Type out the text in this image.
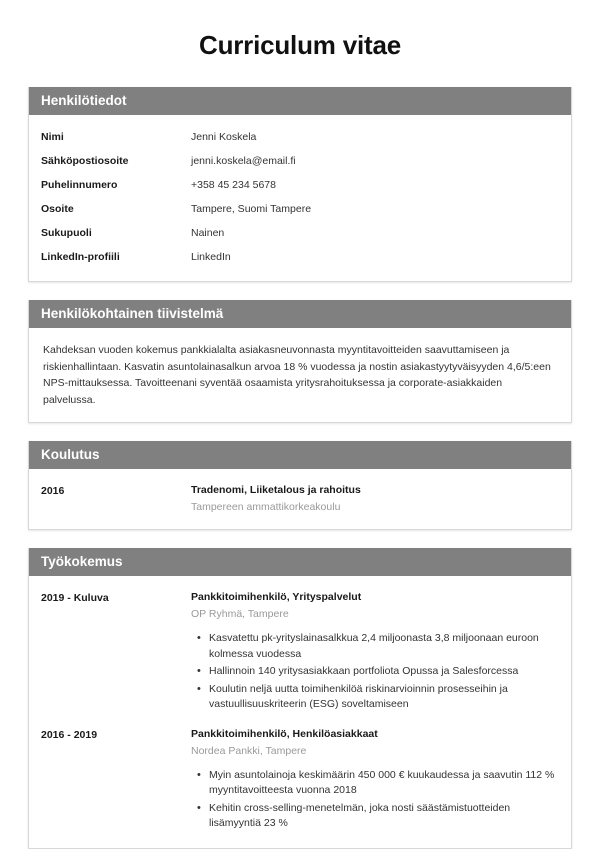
Curriculum vitae
Henkilötiedot
Nimi	Jenni Koskela
Sähköpostiosoite	jenni.koskela@email.fi
Puhelinnumero	+358 45 234 5678
Osoite	Tampere, Suomi Tampere
Sukupuoli	Nainen
LinkedIn-profiili	LinkedIn
Henkilökohtainen tiivistelmä
Kahdeksan vuoden kokemus pankkialalta asiakasneuvonnasta myyntitavoitteiden saavuttamiseen ja riskienhallintaan. Kasvatin asuntolainasalkun arvoa 18 % vuodessa ja nostin asiakastyytyväisyyden 4,6/5:een NPS-mittauksessa. Tavoitteenani syventää osaamista yritysrahoituksessa ja corporate-asiakkaiden palvelussa.
Koulutus
2016	Tradenomi, Liiketalous ja rahoitus
Tampereen ammattikorkeakoulu
Työkokemus
2019 - Kuluva	Pankkitoimihenkilö, Yrityspalvelut
OP Ryhmä, Tampere
• Kasvatettu pk-yrityslainasalkkua 2,4 miljoonasta 3,8 miljoonaan euroon kolmessa vuodessa
• Hallinnoin 140 yritysasiakkaan portfoliota Opussa ja Salesforcessa
• Koulutin neljä uutta toimihenkilöä riskinarvioinnin prosesseihin ja vastuullisuuskriteerin (ESG) soveltamiseen
2016 - 2019	Pankkitoimihenkilö, Henkilöasiakkaat
Nordea Pankki, Tampere
• Myin asuntolainoja keskimäärin 450 000 € kuukaudessa ja saavutin 112 % myyntitavoitteesta vuonna 2018
• Kehitin cross-selling-menetelmän, joka nosti säästämistuotteiden lisämyyntiä 23 %
